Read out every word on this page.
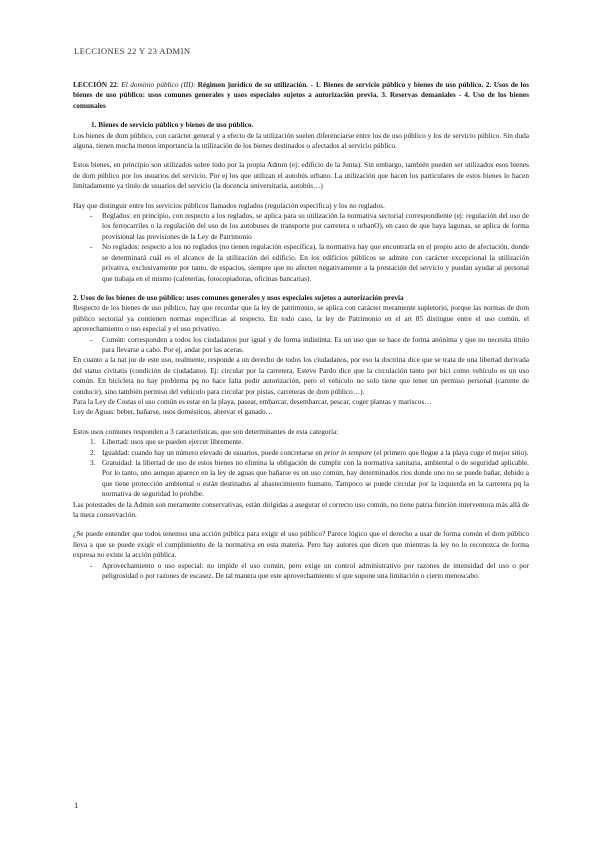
LECCIONES 22 Y 23 ADMIN

LECCIÓN 22: El dominio público (III): Régimen jurídico de su utilización. - 1. Bienes de servicio público y bienes de uso público. 2. Usos de los bienes de uso público: usos comunes generales y usos especiales sujetos a autorización previa. 3. Reservas demaniales - 4. Uso de los bienes comunales

1. Bienes de servicio público y bienes de uso público.

Los bienes de dom público, con carácter general y a efecto de la utilización suelen diferenciarse entre los de uso público y los de servicio público. Sin duda alguna, tienen mucha menos importancia la utilización de los bienes destinados o afectados al servicio público.

Estos bienes, en principio son utilizados sobre todo por la propia Admin (ej: edificio de la Junta). Sin embargo, también pueden ser utilizados esos bienes de dom público por los usuarios del servicio. Por ej los que utilizan el autobús urbano. La utilización que hacen los particulares de estos bienes lo hacen limitadamente ya título de usuarios del servicio (la docencia universitaria, autobús…)

Hay que distinguir entre los servicios públicos llamados reglados (regulación específica) y los no reglados.

- Reglados: en principio, con respecto a los reglados, se aplica para su utilización la normativa sectorial correspondiente (ej: regulación del uso de los ferrocarriles o la regulación del uso de los autobuses de transporte por carretera o urbanO), en caso de que haya lagunas, se aplica de forma provisional las previsiones de la Ley de Patrimonio
- No reglados: respecto a los no reglados (no tienen regulación específica), la normativa hay que encontrarla en el propio acto de afectación, donde se determinará cuál es el alcance de la utilización del edificio. En los edificios públicos se admite con carácter excepcional la utilización privativa, exclusivamente por tanto, de espacios, siempre que no afecten negativamente a la prestación del servicio y puedan ayudar al personal que trabaja en el mismo (cafeterías, fotocopiadoras, oficinas bancarias).

2. Usos de los bienes de uso público: usos comunes generales y usos especiales sujetos a autorización previa

Respecto de los bienes de uso público, hay que recordar que la ley de patrimonio, se aplica con carácter meramente supletorio, porque las normas de dom público sectorial ya contienen normas específicas al respecto. En todo caso, la ley de Patrimonio en el art 85 distingue entre el uso común, el aprovechamiento o uso especial y el uso privativo.

- Común: corresponden a todos los ciudadanos por igual y de forma indistinta. Es un uso que se hace de forma anónima y que no necesita título para llevarse a cabo. Por ej, andar por las aceras.

En cuanto a la nat jur de este uso, realmente, responde a un derecho de todos los ciudadanos, por eso la doctrina dice que se trata de una libertad derivada del status civitatis (condición de ciudadano). Ej: circular por la carretera, Esteve Pardo dice que la circulación tanto por bici como vehículo es un uso común. En bicicleta no hay problema pq no hace falta pedir autorización, pero el vehículo no solo tiene que tener un permiso personal (carente de conducir), sino también permiso del vehículo para circular por pistas, carreteras de dom público…).

Para la Ley de Costas el uso común es estar en la playa, pasear, embarcar, desembarcar, pescar, coger plantas y mariscos…

Ley de Aguas: beber, bañarse, usos domésticos, abrevar el ganado…

Estos usos comunes responden a 3 características, que son determinantes de esta categoría:

1. Libertad: usos que se pueden ejercer libremente.
2. Igualdad: cuando hay un número elevado de usuarios, puede concretarse en prior in tempore (el primero que llegue a la playa coge el mejor sitio).
3. Gratuidad: la libertad de uso de estos bienes no elimina la obligación de cumplir con la normativa sanitaria, ambiental o de seguridad aplicable. Por lo tanto, uno aunque aparece en la ley de aguas que bañarse es un uso común, hay determinados ríos donde uno no se puede bañar, debido a que tiene protección ambiental o están destinados al abastecimiento humano. Tampoco se puede circular por la izquierda en la carretera pq la normativa de seguridad lo prohíbe.

Las potestades de la Admin son meramente conservativas, están dirigidas a asegurar el correcto uso común, no tiene patria función interventora más allá de la mera conservación.

¿Se puede entender que todos tenemos una acción pública para exigir el uso público? Parece lógico que el derecho a usar de forma común el dom público lleva a que se puede exigir el cumplimiento de la normativa en esta materia. Pero hay autores que dicen que mientras la ley no lo reconozca de forma expresa no existe la acción pública.

- Aprovechamiento o uso especial: no impide el uso común, pero exige un control administrativo por razones de intensidad del uso o por peligrosidad o por razones de escasez. De tal manera que este aprovechamiento sí que supone una limitación o cierto menoscabo.
1
